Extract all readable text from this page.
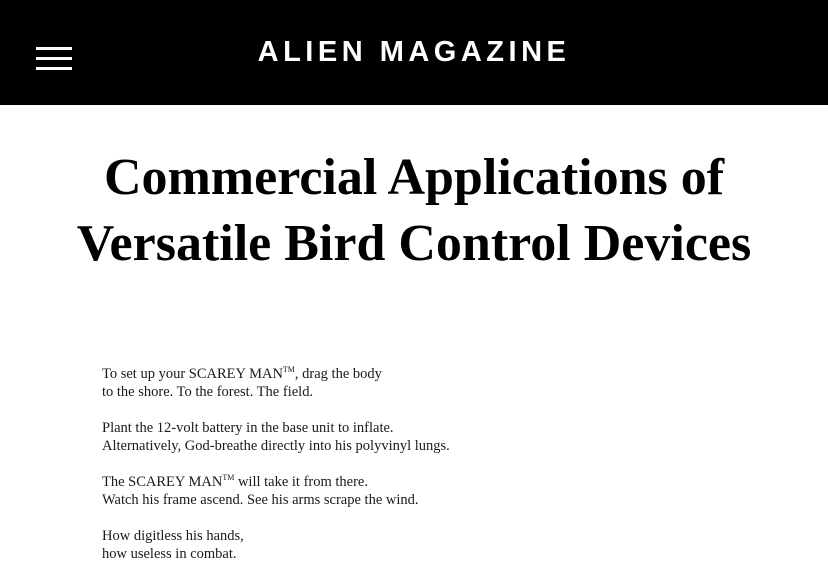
ALIEN MAGAZINE
Commercial Applications of
Versatile Bird Control Devices

To set up your SCAREY MAN™, drag the body
to the shore. To the forest. The field.

Plant the 12-volt battery in the base unit to inflate.
Alternatively, God-breathe directly into his polyvinyl lungs.

The SCAREY MAN™ will take it from there.
Watch his frame ascend. See his arms scrape the wind.

How digitless his hands,
how useless in combat.
